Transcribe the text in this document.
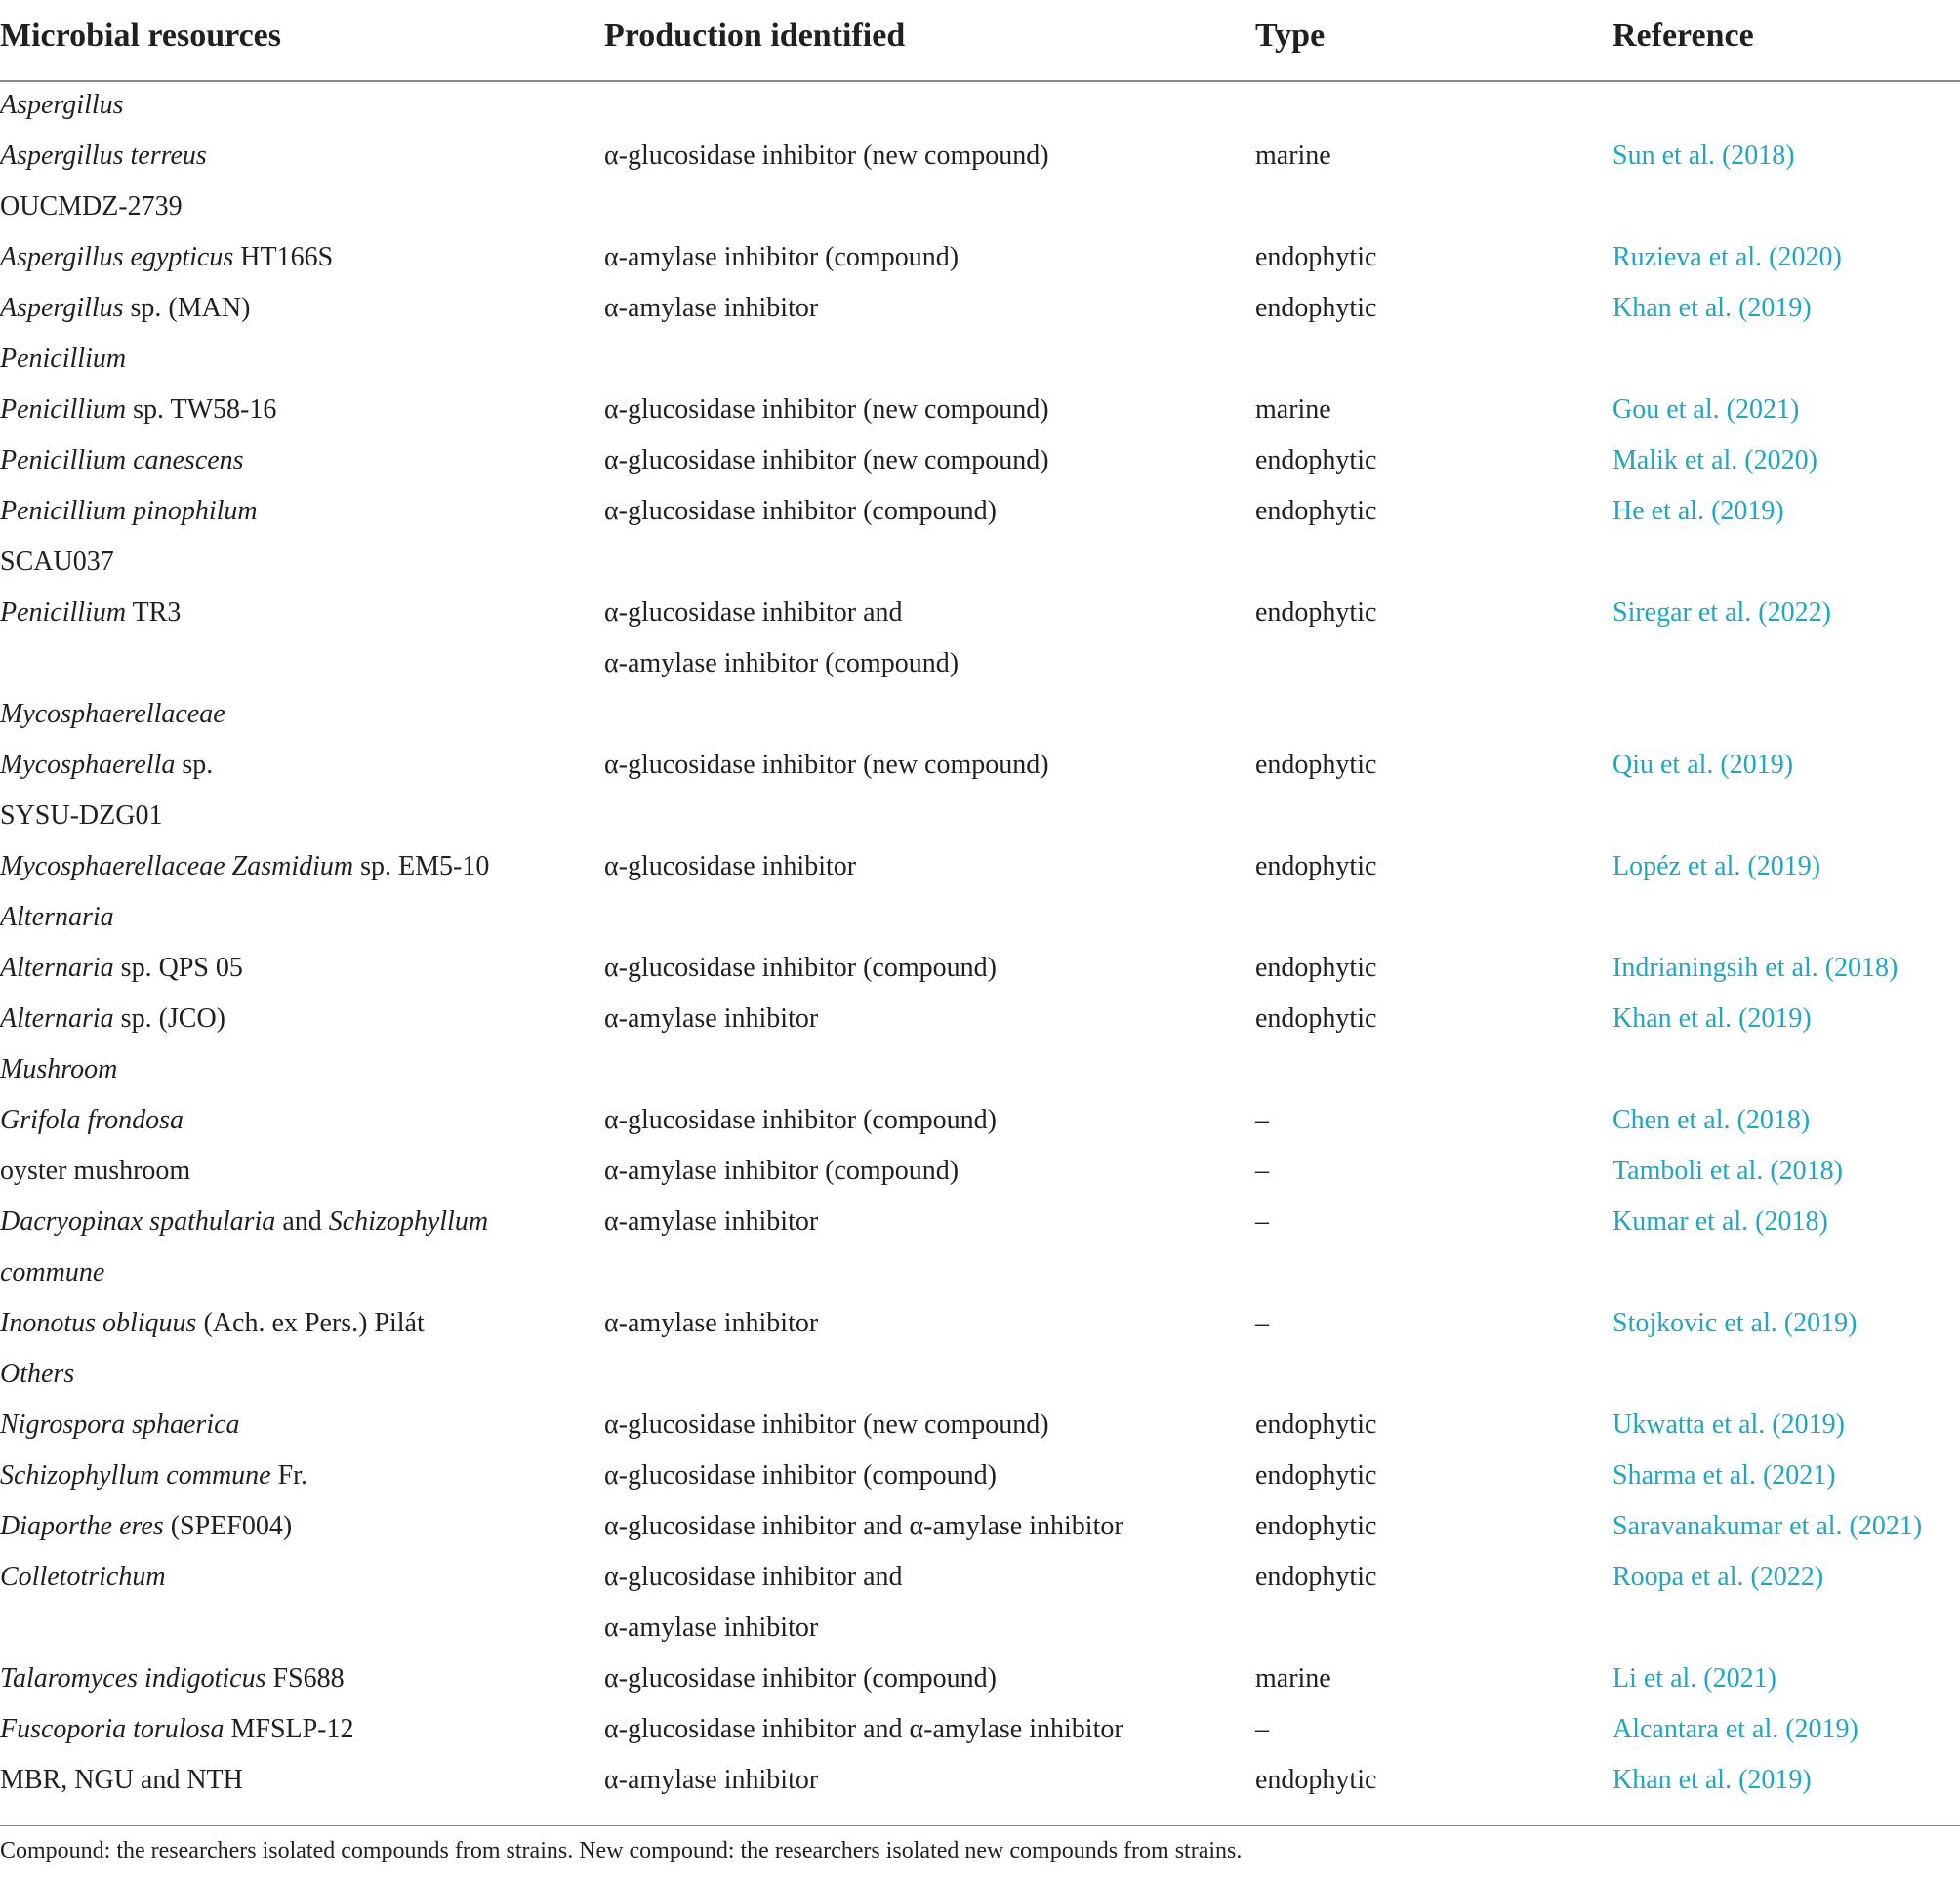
Microbial resources	Production identified	Type	Reference
Aspergillus
Aspergillus terreus	α-glucosidase inhibitor (new compound)	marine	Sun et al. (2018)
OUCMDZ-2739
Aspergillus egypticus HT166S	α-amylase inhibitor (compound)	endophytic	Ruzieva et al. (2020)
Aspergillus sp. (MAN)	α-amylase inhibitor	endophytic	Khan et al. (2019)
Penicillium
Penicillium sp. TW58-16	α-glucosidase inhibitor (new compound)	marine	Gou et al. (2021)
Penicillium canescens	α-glucosidase inhibitor (new compound)	endophytic	Malik et al. (2020)
Penicillium pinophilum	α-glucosidase inhibitor (compound)	endophytic	He et al. (2019)
SCAU037
Penicillium TR3	α-glucosidase inhibitor and	endophytic	Siregar et al. (2022)
α-amylase inhibitor (compound)
Mycosphaerellaceae
Mycosphaerella sp.	α-glucosidase inhibitor (new compound)	endophytic	Qiu et al. (2019)
SYSU-DZG01
Mycosphaerellaceae Zasmidium sp. EM5-10	α-glucosidase inhibitor	endophytic	Lopéz et al. (2019)
Alternaria
Alternaria sp. QPS 05	α-glucosidase inhibitor (compound)	endophytic	Indrianingsih et al. (2018)
Alternaria sp. (JCO)	α-amylase inhibitor	endophytic	Khan et al. (2019)
Mushroom
Grifola frondosa	α-glucosidase inhibitor (compound)	–	Chen et al. (2018)
oyster mushroom	α-amylase inhibitor (compound)	–	Tamboli et al. (2018)
Dacryopinax spathularia and Schizophyllum	α-amylase inhibitor	–	Kumar et al. (2018)
commune
Inonotus obliquus (Ach. ex Pers.) Pilát	α-amylase inhibitor	–	Stojkovic et al. (2019)
Others
Nigrospora sphaerica	α-glucosidase inhibitor (new compound)	endophytic	Ukwatta et al. (2019)
Schizophyllum commune Fr.	α-glucosidase inhibitor (compound)	endophytic	Sharma et al. (2021)
Diaporthe eres (SPEF004)	α-glucosidase inhibitor and α-amylase inhibitor	endophytic	Saravanakumar et al. (2021)
Colletotrichum	α-glucosidase inhibitor and	endophytic	Roopa et al. (2022)
α-amylase inhibitor
Talaromyces indigoticus FS688	α-glucosidase inhibitor (compound)	marine	Li et al. (2021)
Fuscoporia torulosa MFSLP-12	α-glucosidase inhibitor and α-amylase inhibitor	–	Alcantara et al. (2019)
MBR, NGU and NTH	α-amylase inhibitor	endophytic	Khan et al. (2019)
Compound: the researchers isolated compounds from strains. New compound: the researchers isolated new compounds from strains.
